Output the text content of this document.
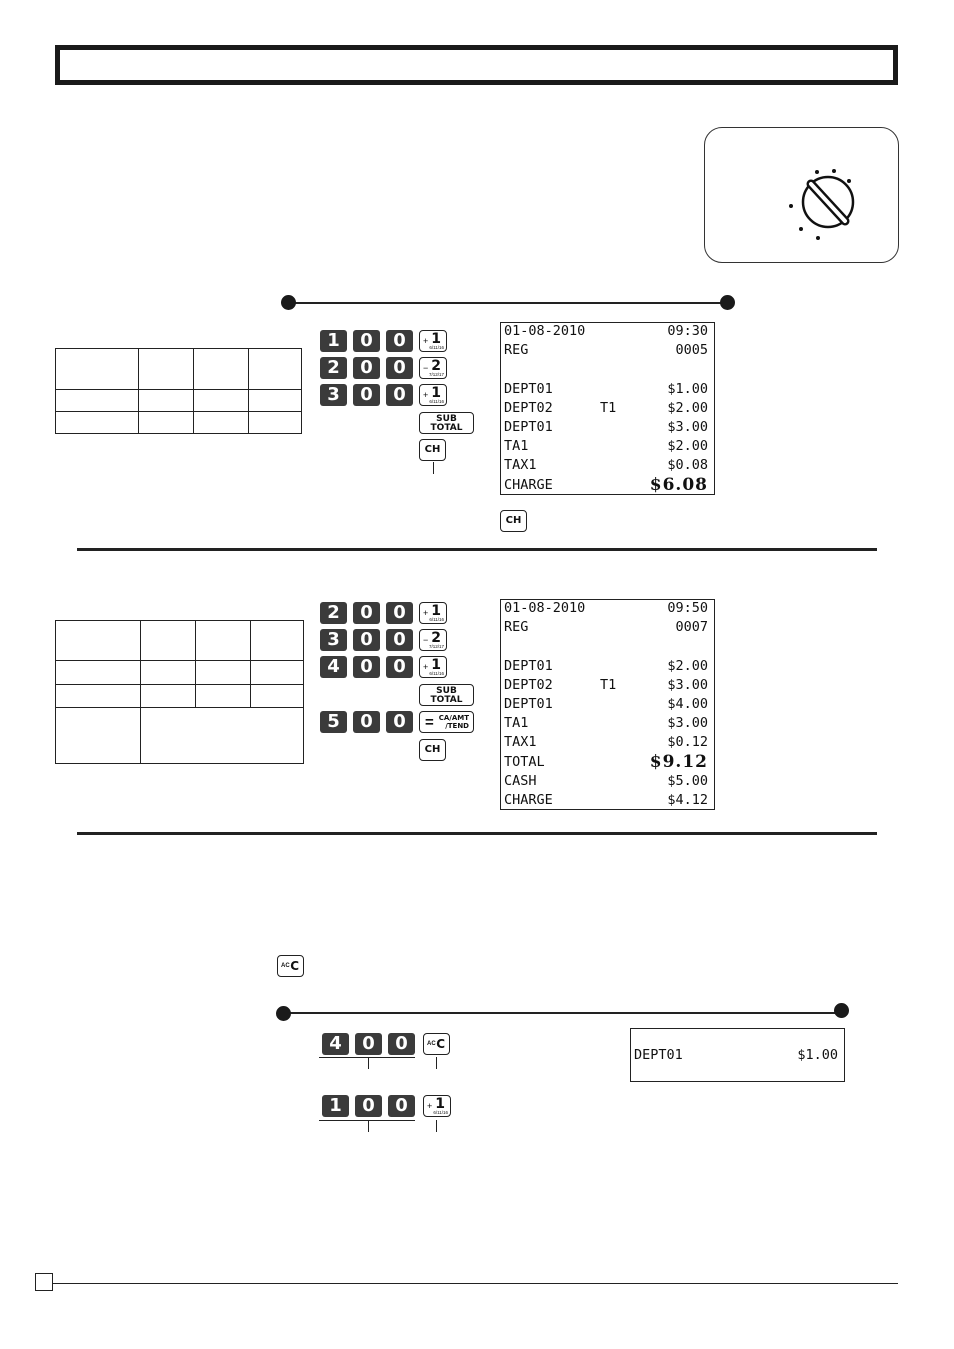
1	0	0	+ 1
6/11/16
2	0	0	− 2
7/12/17
3	0	0	+ 1
6/11/16
SUB
TOTAL
CH
01-08-2010	09:30
REG	0005
DEPT01	$1.00
DEPT02	T1	$2.00
DEPT01	$3.00
TA1	$2.00
TAX1	$0.08
CHARGE	$6.08
CH

2	0	0	+ 1
6/11/16
3	0	0	− 2
7/12/17
4	0	0	+ 1
6/11/16
SUB
TOTAL
5	0	0	= CA/AMT
/TEND
CH
01-08-2010	09:50
REG	0007
DEPT01	$2.00
DEPT02	T1	$3.00
DEPT01	$4.00
TA1	$3.00
TAX1	$0.12
TOTAL	$9.12
CASH	$5.00
CHARGE	$4.12
AC C
4	0	0	AC C
1	0	0	+ 1
6/11/16
DEPT01	$1.00
